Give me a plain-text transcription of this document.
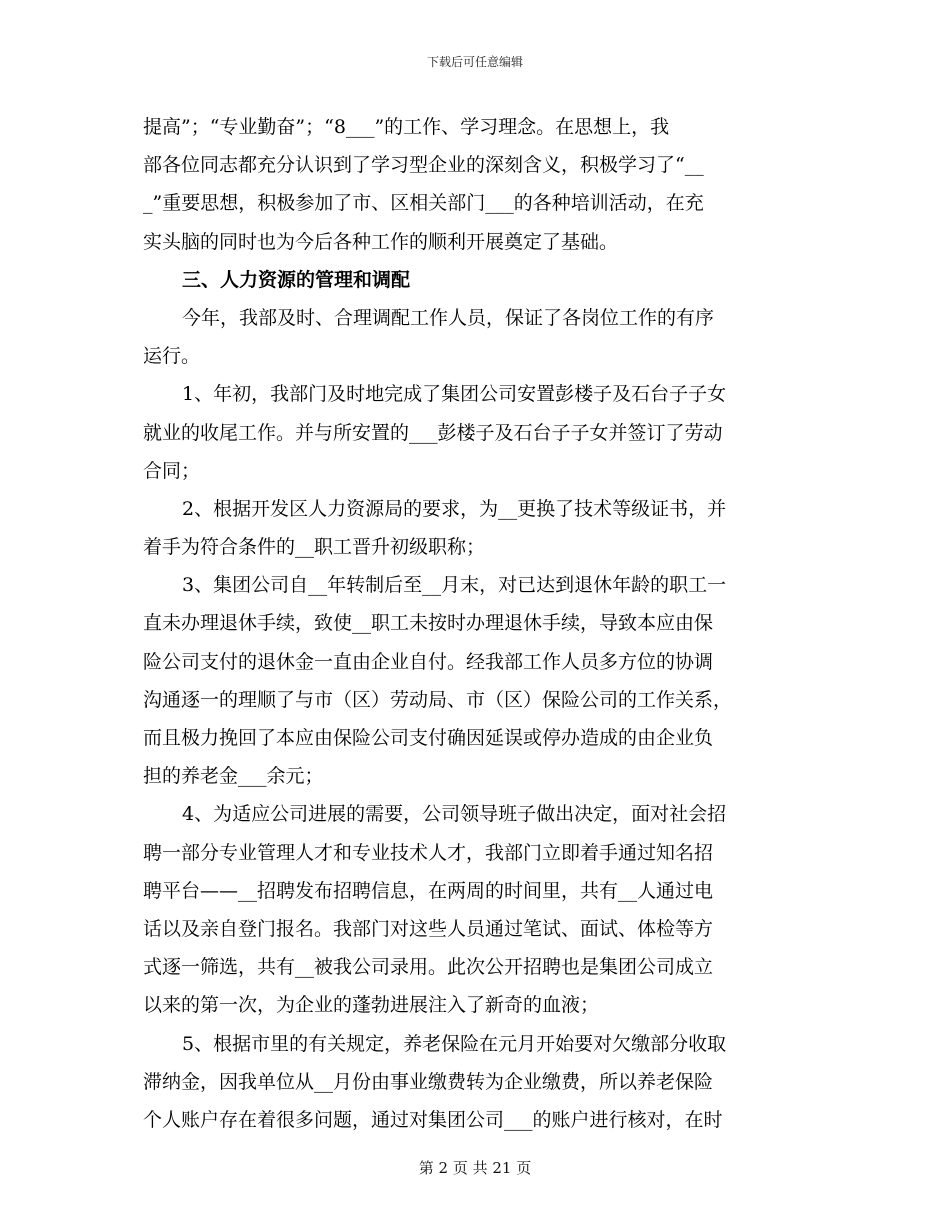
下载后可任意编辑
提高”；“专业勤奋”；“8___”的工作、学习理念。在思想上，我
部各位同志都充分认识到了学习型企业的深刻含义，积极学习了“__
_”重要思想，积极参加了市、区相关部门___的各种培训活动，在充
实头脑的同时也为今后各种工作的顺利开展奠定了基础。
三、人力资源的管理和调配
今年，我部及时、合理调配工作人员，保证了各岗位工作的有序
运行。
1、年初，我部门及时地完成了集团公司安置彭楼子及石台子子女
就业的收尾工作。并与所安置的___彭楼子及石台子子女并签订了劳动
合同；
2、根据开发区人力资源局的要求，为__更换了技术等级证书，并
着手为符合条件的__职工晋升初级职称；
3、集团公司自__年转制后至__月末，对已达到退休年龄的职工一
直未办理退休手续，致使__职工未按时办理退休手续，导致本应由保
险公司支付的退休金一直由企业自付。经我部工作人员多方位的协调
沟通逐一的理顺了与市（区）劳动局、市（区）保险公司的工作关系，
而且极力挽回了本应由保险公司支付确因延误或停办造成的由企业负
担的养老金___余元；
4、为适应公司进展的需要，公司领导班子做出决定，面对社会招
聘一部分专业管理人才和专业技术人才，我部门立即着手通过知名招
聘平台——__招聘发布招聘信息，在两周的时间里，共有__人通过电
话以及亲自登门报名。我部门对这些人员通过笔试、面试、体检等方
式逐一筛选，共有__被我公司录用。此次公开招聘也是集团公司成立
以来的第一次，为企业的蓬勃进展注入了新奇的血液；
5、根据市里的有关规定，养老保险在元月开始要对欠缴部分收取
滞纳金，因我单位从__月份由事业缴费转为企业缴费，所以养老保险
个人账户存在着很多问题，通过对集团公司___的账户进行核对，在时
第 2 页 共 21 页
